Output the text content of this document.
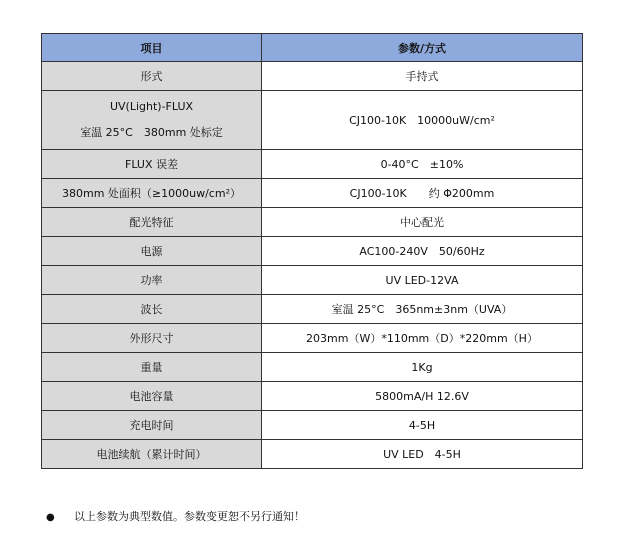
项目	参数/方式
形式	手持式

UV(Light)-FLUX
室温 25°C　380mm 处标定	CJ100-10K　10000uW/cm²
FLUX 误差	0-40°C　±10%
380mm 处面积（≥1000uw/cm²）	CJ100-10K　　约 Φ200mm
配光特征	中心配光
电源	AC100-240V　50/60Hz
功率	UV LED-12VA
波长	室温 25°C　365nm±3nm（UVA）
外形尺寸	203mm（W）*110mm（D）*220mm（H）
重量	1Kg
电池容量	5800mA/H 12.6V
充电时间	4-5H
电池续航（累计时间）	UV LED　4-5H
● 以上参数为典型数值。参数变更恕不另行通知！
